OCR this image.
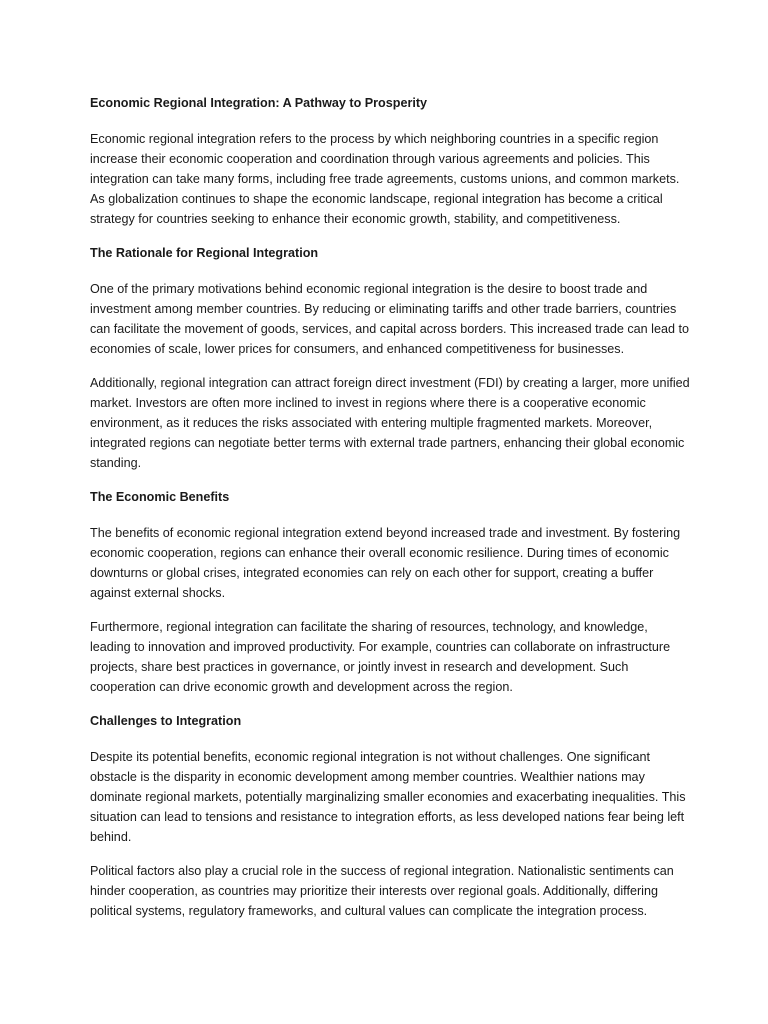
Economic Regional Integration: A Pathway to Prosperity

Economic regional integration refers to the process by which neighboring countries in a specific region increase their economic cooperation and coordination through various agreements and policies. This integration can take many forms, including free trade agreements, customs unions, and common markets. As globalization continues to shape the economic landscape, regional integration has become a critical strategy for countries seeking to enhance their economic growth, stability, and competitiveness.

The Rationale for Regional Integration

One of the primary motivations behind economic regional integration is the desire to boost trade and investment among member countries. By reducing or eliminating tariffs and other trade barriers, countries can facilitate the movement of goods, services, and capital across borders. This increased trade can lead to economies of scale, lower prices for consumers, and enhanced competitiveness for businesses.

Additionally, regional integration can attract foreign direct investment (FDI) by creating a larger, more unified market. Investors are often more inclined to invest in regions where there is a cooperative economic environment, as it reduces the risks associated with entering multiple fragmented markets. Moreover, integrated regions can negotiate better terms with external trade partners, enhancing their global economic standing.

The Economic Benefits

The benefits of economic regional integration extend beyond increased trade and investment. By fostering economic cooperation, regions can enhance their overall economic resilience. During times of economic downturns or global crises, integrated economies can rely on each other for support, creating a buffer against external shocks.

Furthermore, regional integration can facilitate the sharing of resources, technology, and knowledge, leading to innovation and improved productivity. For example, countries can collaborate on infrastructure projects, share best practices in governance, or jointly invest in research and development. Such cooperation can drive economic growth and development across the region.

Challenges to Integration

Despite its potential benefits, economic regional integration is not without challenges. One significant obstacle is the disparity in economic development among member countries. Wealthier nations may dominate regional markets, potentially marginalizing smaller economies and exacerbating inequalities. This situation can lead to tensions and resistance to integration efforts, as less developed nations fear being left behind.

Political factors also play a crucial role in the success of regional integration. Nationalistic sentiments can hinder cooperation, as countries may prioritize their interests over regional goals. Additionally, differing political systems, regulatory frameworks, and cultural values can complicate the integration process.
